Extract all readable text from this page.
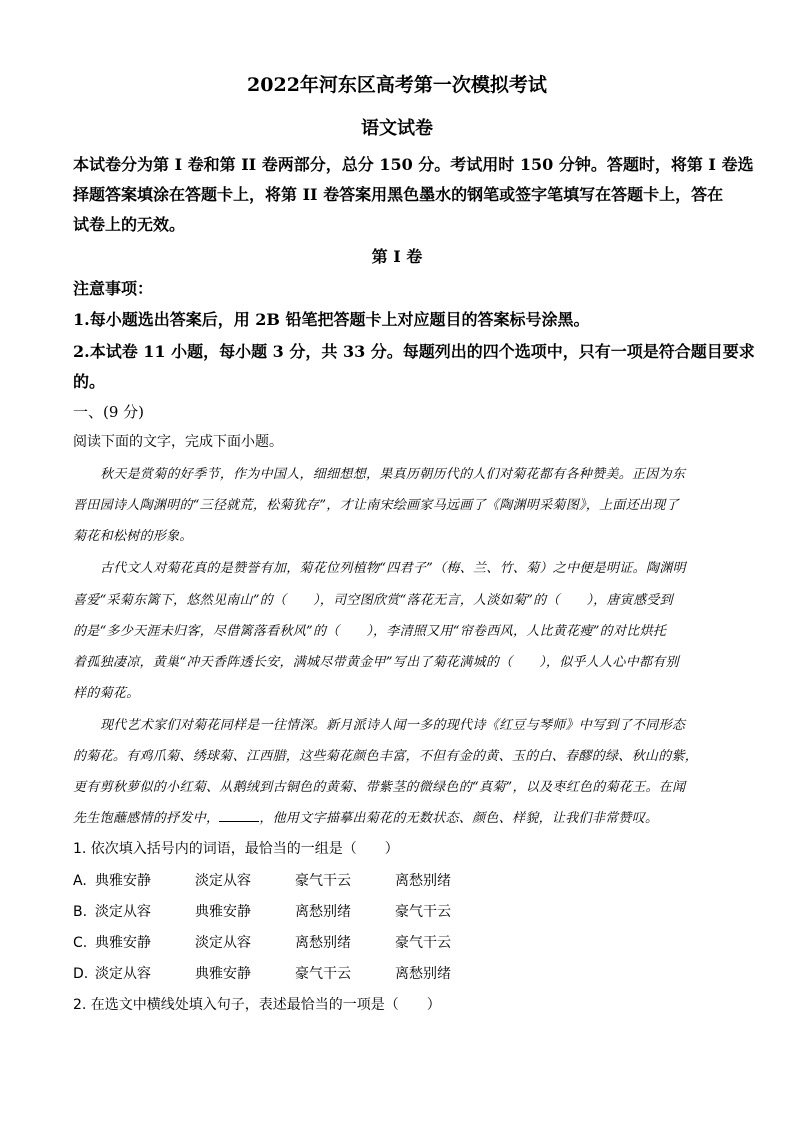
2022年河东区高考第一次模拟考试
语文试卷
本试卷分为第 I 卷和第 II 卷两部分，总分 150 分。考试用时 150 分钟。答题时，将第 I 卷选
择题答案填涂在答题卡上，将第 II 卷答案用黑色墨水的钢笔或签字笔填写在答题卡上，答在
试卷上的无效。
第 I 卷
注意事项：
1.每小题选出答案后，用 2B 铅笔把答题卡上对应题目的答案标号涂黑。
2.本试卷 11 小题，每小题 3 分，共 33 分。每题列出的四个选项中，只有一项是符合题目要求
的。
一、(9 分)
阅读下面的文字，完成下面小题。
秋天是赏菊的好季节，作为中国人，细细想想，果真历朝历代的人们对菊花都有各种赞美。正因为东
晋田园诗人陶渊明的“三径就荒，松菊犹存”，才让南宋绘画家马远画了《陶渊明采菊图》，上面还出现了
菊花和松树的形象。
古代文人对菊花真的是赞誉有加，菊花位列植物“四君子”（梅、兰、竹、菊）之中便是明证。陶渊明
喜爱“采菊东篱下，悠然见南山”的（　　），司空图欣赏“落花无言，人淡如菊”的（　　），唐寅感受到
的是“多少天涯未归客，尽借篱落看秋风”的（　　），李清照又用“帘卷西风，人比黄花瘦”的对比烘托
着孤独凄凉，黄巢“冲天香阵透长安，满城尽带黄金甲”写出了菊花满城的（　　），似乎人人心中都有别
样的菊花。
现代艺术家们对菊花同样是一往情深。新月派诗人闻一多的现代诗《红豆与琴师》中写到了不同形态
的菊花。有鸡爪菊、绣球菊、江西腊，这些菊花颜色丰富，不但有金的黄、玉的白、春醪的绿、秋山的紫，
更有剪秋萝似的小红菊、从鹅绒到古铜色的黄菊、带紫茎的微绿色的“真菊”，以及枣红色的菊花王。在闻
先生饱蘸感情的抒发中，	，他用文字描摹出菊花的无数状态、颜色、样貌，让我们非常赞叹。
1. 依次填入括号内的词语，最恰当的一组是（　　）
A. 典雅安静	淡定从容	豪气干云	离愁别绪
B. 淡定从容	典雅安静	离愁别绪	豪气干云
C. 典雅安静	淡定从容	离愁别绪	豪气干云
D. 淡定从容	典雅安静	豪气干云	离愁别绪
2. 在选文中横线处填入句子，表述最恰当的一项是（　　）
